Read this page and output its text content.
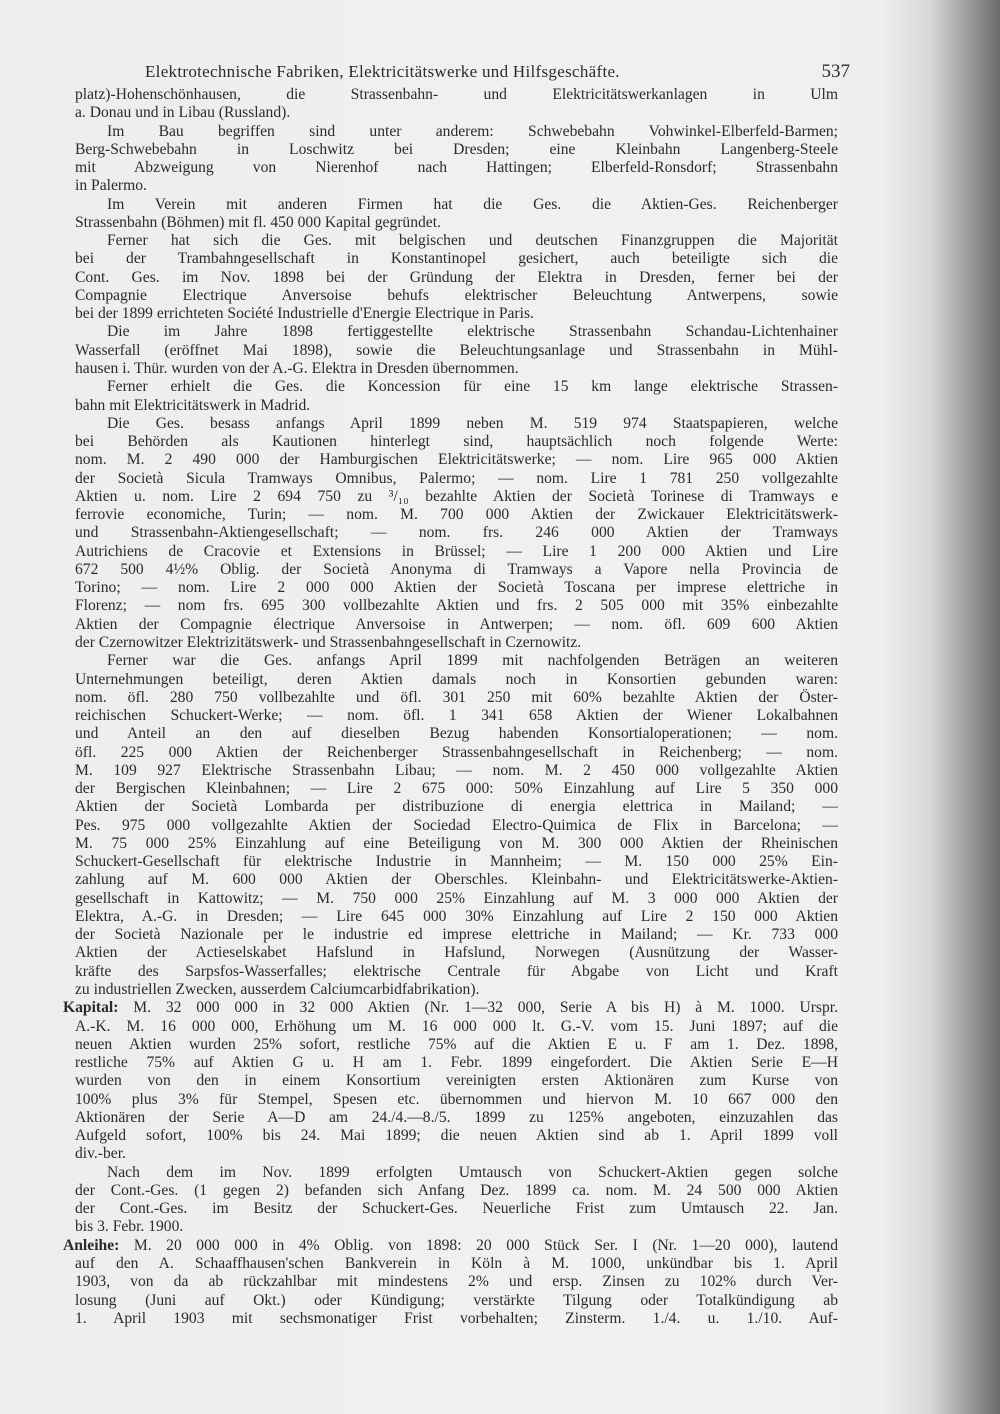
Elektrotechnische Fabriken, Elektricitätswerke und Hilfsgeschäfte.	537
platz)-Hohenschönhausen, die Strassenbahn- und Elektricitätswerkanlagen in Ulm
a. Donau und in Libau (Russland).
Im Bau begriffen sind unter anderem: Schwebebahn Vohwinkel-Elberfeld-Barmen;
Berg-Schwebebahn in Loschwitz bei Dresden; eine Kleinbahn Langenberg-Steele
mit Abzweigung von Nierenhof nach Hattingen; Elberfeld-Ronsdorf; Strassenbahn
in Palermo.
Im Verein mit anderen Firmen hat die Ges. die Aktien-Ges. Reichenberger
Strassenbahn (Böhmen) mit fl. 450 000 Kapital gegründet.
Ferner hat sich die Ges. mit belgischen und deutschen Finanzgruppen die Majorität
bei der Trambahngesellschaft in Konstantinopel gesichert, auch beteiligte sich die
Cont. Ges. im Nov. 1898 bei der Gründung der Elektra in Dresden, ferner bei der
Compagnie Electrique Anversoise behufs elektrischer Beleuchtung Antwerpens, sowie
bei der 1899 errichteten Société Industrielle d'Energie Electrique in Paris.
Die im Jahre 1898 fertiggestellte elektrische Strassenbahn Schandau-Lichtenhainer
Wasserfall (eröffnet Mai 1898), sowie die Beleuchtungsanlage und Strassenbahn in Mühl-
hausen i. Thür. wurden von der A.-G. Elektra in Dresden übernommen.
Ferner erhielt die Ges. die Koncession für eine 15 km lange elektrische Strassen-
bahn mit Elektricitätswerk in Madrid.
Die Ges. besass anfangs April 1899 neben M. 519 974 Staatspapieren, welche
bei Behörden als Kautionen hinterlegt sind, hauptsächlich noch folgende Werte:
nom. M. 2 490 000 der Hamburgischen Elektricitätswerke; — nom. Lire 965 000 Aktien
der Società Sicula Tramways Omnibus, Palermo; — nom. Lire 1 781 250 vollgezahlte
Aktien u. nom. Lire 2 694 750 zu ³/₁₀ bezahlte Aktien der Società Torinese di Tramways e
ferrovie economiche, Turin; — nom. M. 700 000 Aktien der Zwickauer Elektricitätswerk-
und Strassenbahn-Aktiengesellschaft; — nom. frs. 246 000 Aktien der Tramways
Autrichiens de Cracovie et Extensions in Brüssel; — Lire 1 200 000 Aktien und Lire
672 500 4½% Oblig. der Società Anonyma di Tramways a Vapore nella Provincia de
Torino; — nom. Lire 2 000 000 Aktien der Società Toscana per imprese elettriche in
Florenz; — nom frs. 695 300 vollbezahlte Aktien und frs. 2 505 000 mit 35% einbezahlte
Aktien der Compagnie électrique Anversoise in Antwerpen; — nom. öfl. 609 600 Aktien
der Czernowitzer Elektrizitätswerk- und Strassenbahngesellschaft in Czernowitz.
Ferner war die Ges. anfangs April 1899 mit nachfolgenden Beträgen an weiteren
Unternehmungen beteiligt, deren Aktien damals noch in Konsortien gebunden waren:
nom. öfl. 280 750 vollbezahlte und öfl. 301 250 mit 60% bezahlte Aktien der Öster-
reichischen Schuckert-Werke; — nom. öfl. 1 341 658 Aktien der Wiener Lokalbahnen
und Anteil an den auf dieselben Bezug habenden Konsortialoperationen; — nom.
öfl. 225 000 Aktien der Reichenberger Strassenbahngesellschaft in Reichenberg; — nom.
M. 109 927 Elektrische Strassenbahn Libau; — nom. M. 2 450 000 vollgezahlte Aktien
der Bergischen Kleinbahnen; — Lire 2 675 000: 50% Einzahlung auf Lire 5 350 000
Aktien der Società Lombarda per distribuzione di energia elettrica in Mailand; —
Pes. 975 000 vollgezahlte Aktien der Sociedad Electro-Quimica de Flix in Barcelona; —
M. 75 000 25% Einzahlung auf eine Beteiligung von M. 300 000 Aktien der Rheinischen
Schuckert-Gesellschaft für elektrische Industrie in Mannheim; — M. 150 000 25% Ein-
zahlung auf M. 600 000 Aktien der Oberschles. Kleinbahn- und Elektricitätswerke-Aktien-
gesellschaft in Kattowitz; — M. 750 000 25% Einzahlung auf M. 3 000 000 Aktien der
Elektra, A.-G. in Dresden; — Lire 645 000 30% Einzahlung auf Lire 2 150 000 Aktien
der Società Nazionale per le industrie ed imprese elettriche in Mailand; — Kr. 733 000
Aktien der Actieselskabet Hafslund in Hafslund, Norwegen (Ausnützung der Wasser-
kräfte des Sarpsfos-Wasserfalles; elektrische Centrale für Abgabe von Licht und Kraft
zu industriellen Zwecken, ausserdem Calciumcarbidfabrikation).
Kapital: M. 32 000 000 in 32 000 Aktien (Nr. 1—32 000, Serie A bis H) à M. 1000. Urspr.
A.-K. M. 16 000 000, Erhöhung um M. 16 000 000 lt. G.-V. vom 15. Juni 1897; auf die
neuen Aktien wurden 25% sofort, restliche 75% auf die Aktien E u. F am 1. Dez. 1898,
restliche 75% auf Aktien G u. H am 1. Febr. 1899 eingefordert. Die Aktien Serie E—H
wurden von den in einem Konsortium vereinigten ersten Aktionären zum Kurse von
100% plus 3% für Stempel, Spesen etc. übernommen und hiervon M. 10 667 000 den
Aktionären der Serie A—D am 24./4.—8./5. 1899 zu 125% angeboten, einzuzahlen das
Aufgeld sofort, 100% bis 24. Mai 1899; die neuen Aktien sind ab 1. April 1899 voll
div.-ber.
Nach dem im Nov. 1899 erfolgten Umtausch von Schuckert-Aktien gegen solche
der Cont.-Ges. (1 gegen 2) befanden sich Anfang Dez. 1899 ca. nom. M. 24 500 000 Aktien
der Cont.-Ges. im Besitz der Schuckert-Ges. Neuerliche Frist zum Umtausch 22. Jan.
bis 3. Febr. 1900.
Anleihe: M. 20 000 000 in 4% Oblig. von 1898: 20 000 Stück Ser. I (Nr. 1—20 000), lautend
auf den A. Schaaffhausen'schen Bankverein in Köln à M. 1000, unkündbar bis 1. April
1903, von da ab rückzahlbar mit mindestens 2% und ersp. Zinsen zu 102% durch Ver-
losung (Juni auf Okt.) oder Kündigung; verstärkte Tilgung oder Totalkündigung ab
1. April 1903 mit sechsmonatiger Frist vorbehalten; Zinsterm. 1./4. u. 1./10. Auf-
